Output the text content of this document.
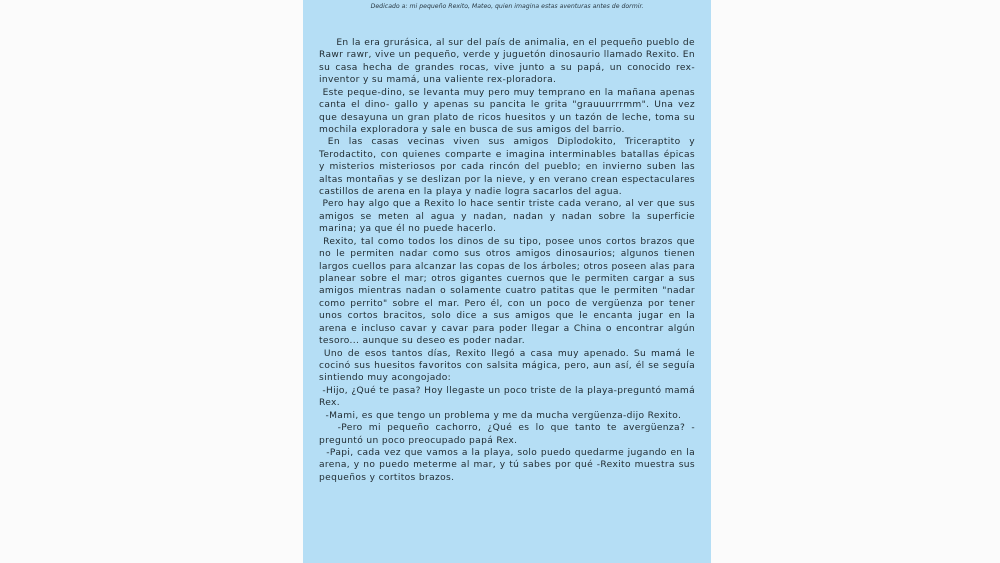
Dedicado a: mi pequeño Rexito, Mateo, quien imagina estas aventuras antes de dormir.

En la era grurásica, al sur del país de animalia, en el pequeño pueblo de Rawr rawr, vive un pequeño, verde y juguetón dinosaurio llamado Rexito. En su casa hecha de grandes rocas, vive junto a su papá, un conocido rex-inventor y su mamá, una valiente rex-ploradora.

Este peque-dino, se levanta muy pero muy temprano en la mañana apenas canta el dino- gallo y apenas su pancita le grita "grauuurrrmm". Una vez que desayuna un gran plato de ricos huesitos y un tazón de leche, toma su mochila exploradora y sale en busca de sus amigos del barrio.

En las casas vecinas viven sus amigos Diplodokito, Triceraptito y Terodactito, con quienes comparte e imagina interminables batallas épicas y misterios misteriosos por cada rincón del pueblo; en invierno suben las altas montañas y se deslizan por la nieve, y en verano crean espectaculares castillos de arena en la playa y nadie logra sacarlos del agua.

Pero hay algo que a Rexito lo hace sentir triste cada verano, al ver que sus amigos se meten al agua y nadan, nadan y nadan sobre la superficie marina; ya que él no puede hacerlo.

Rexito, tal como todos los dinos de su tipo, posee unos cortos brazos que no le permiten nadar como sus otros amigos dinosaurios; algunos tienen largos cuellos para alcanzar las copas de los árboles; otros poseen alas para planear sobre el mar; otros gigantes cuernos que le permiten cargar a sus amigos mientras nadan o solamente cuatro patitas que le permiten "nadar como perrito" sobre el mar. Pero él, con un poco de vergüenza por tener unos cortos bracitos, solo dice a sus amigos que le encanta jugar en la arena e incluso cavar y cavar para poder llegar a China o encontrar algún tesoro... aunque su deseo es poder nadar.

Uno de esos tantos días, Rexito llegó a casa muy apenado. Su mamá le cocinó sus huesitos favoritos con salsita mágica, pero, aun así, él se seguía sintiendo muy acongojado:

-Hijo, ¿Qué te pasa? Hoy llegaste un poco triste de la playa-preguntó mamá Rex.

-Mami, es que tengo un problema y me da mucha vergüenza-dijo Rexito.

-Pero mi pequeño cachorro, ¿Qué es lo que tanto te avergüenza? - preguntó un poco preocupado papá Rex.

-Papi, cada vez que vamos a la playa, solo puedo quedarme jugando en la arena, y no puedo meterme al mar, y tú sabes por qué -Rexito muestra sus pequeños y cortitos brazos.
